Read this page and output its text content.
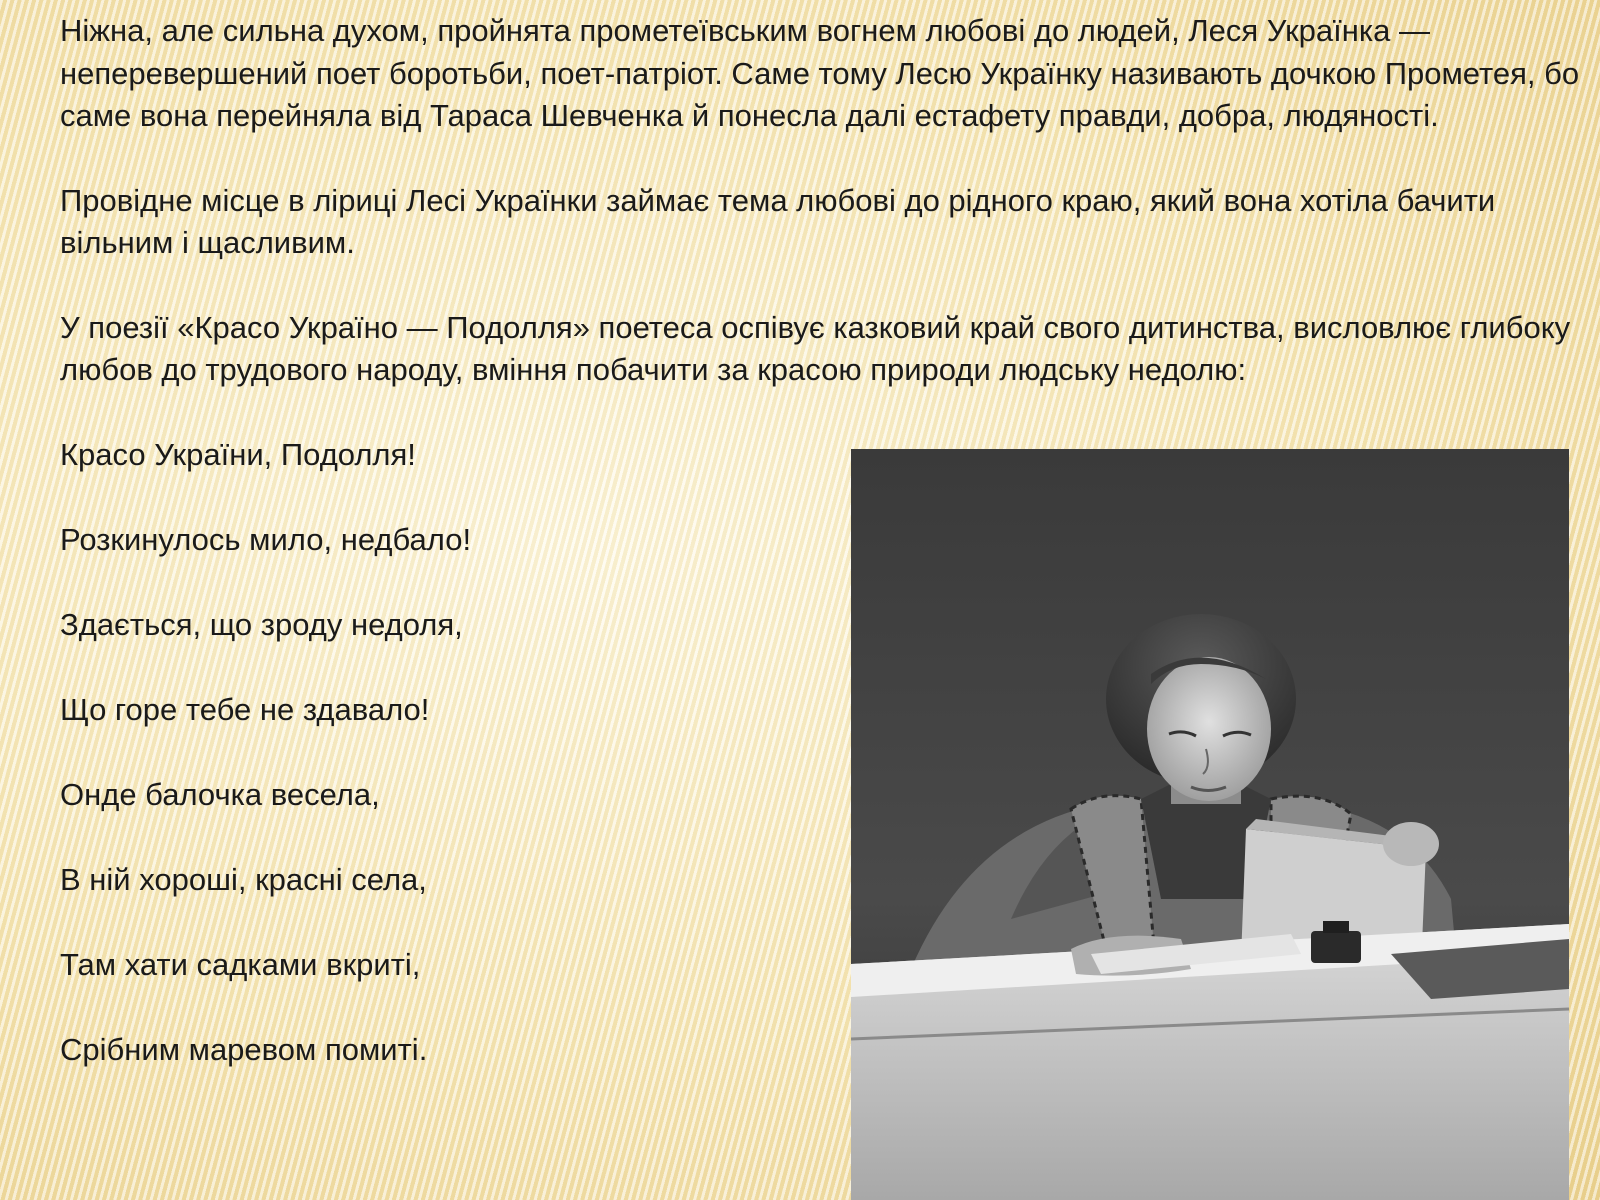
Ніжна, але сильна духом, пройнята прометеївським вогнем любові до людей, Леся Українка — неперевершений поет боротьби, поет-патріот. Саме тому Лесю Українку називають дочкою Прометея, бо саме вона перейняла від Тараса Шевченка й понесла далі естафету правди, добра, людяності.

Провідне місце в ліриці Лесі Українки займає тема любові до рідного краю, який вона хотіла бачити вільним і щасливим.

У поезії «Красо Україно — Подолля» поетеса оспівує казковий край свого дитинства, висловлює глибоку любов до трудового народу, вміння побачити за красою природи людську недолю:

Красо України, Подолля!

Розкинулось мило, недбало!

Здається, що зроду недоля,

Що горе тебе не здавало!

Онде балочка весела,

В ній хороші, красні села,

Там хати садками вкриті,

Срібним маревом помиті.
